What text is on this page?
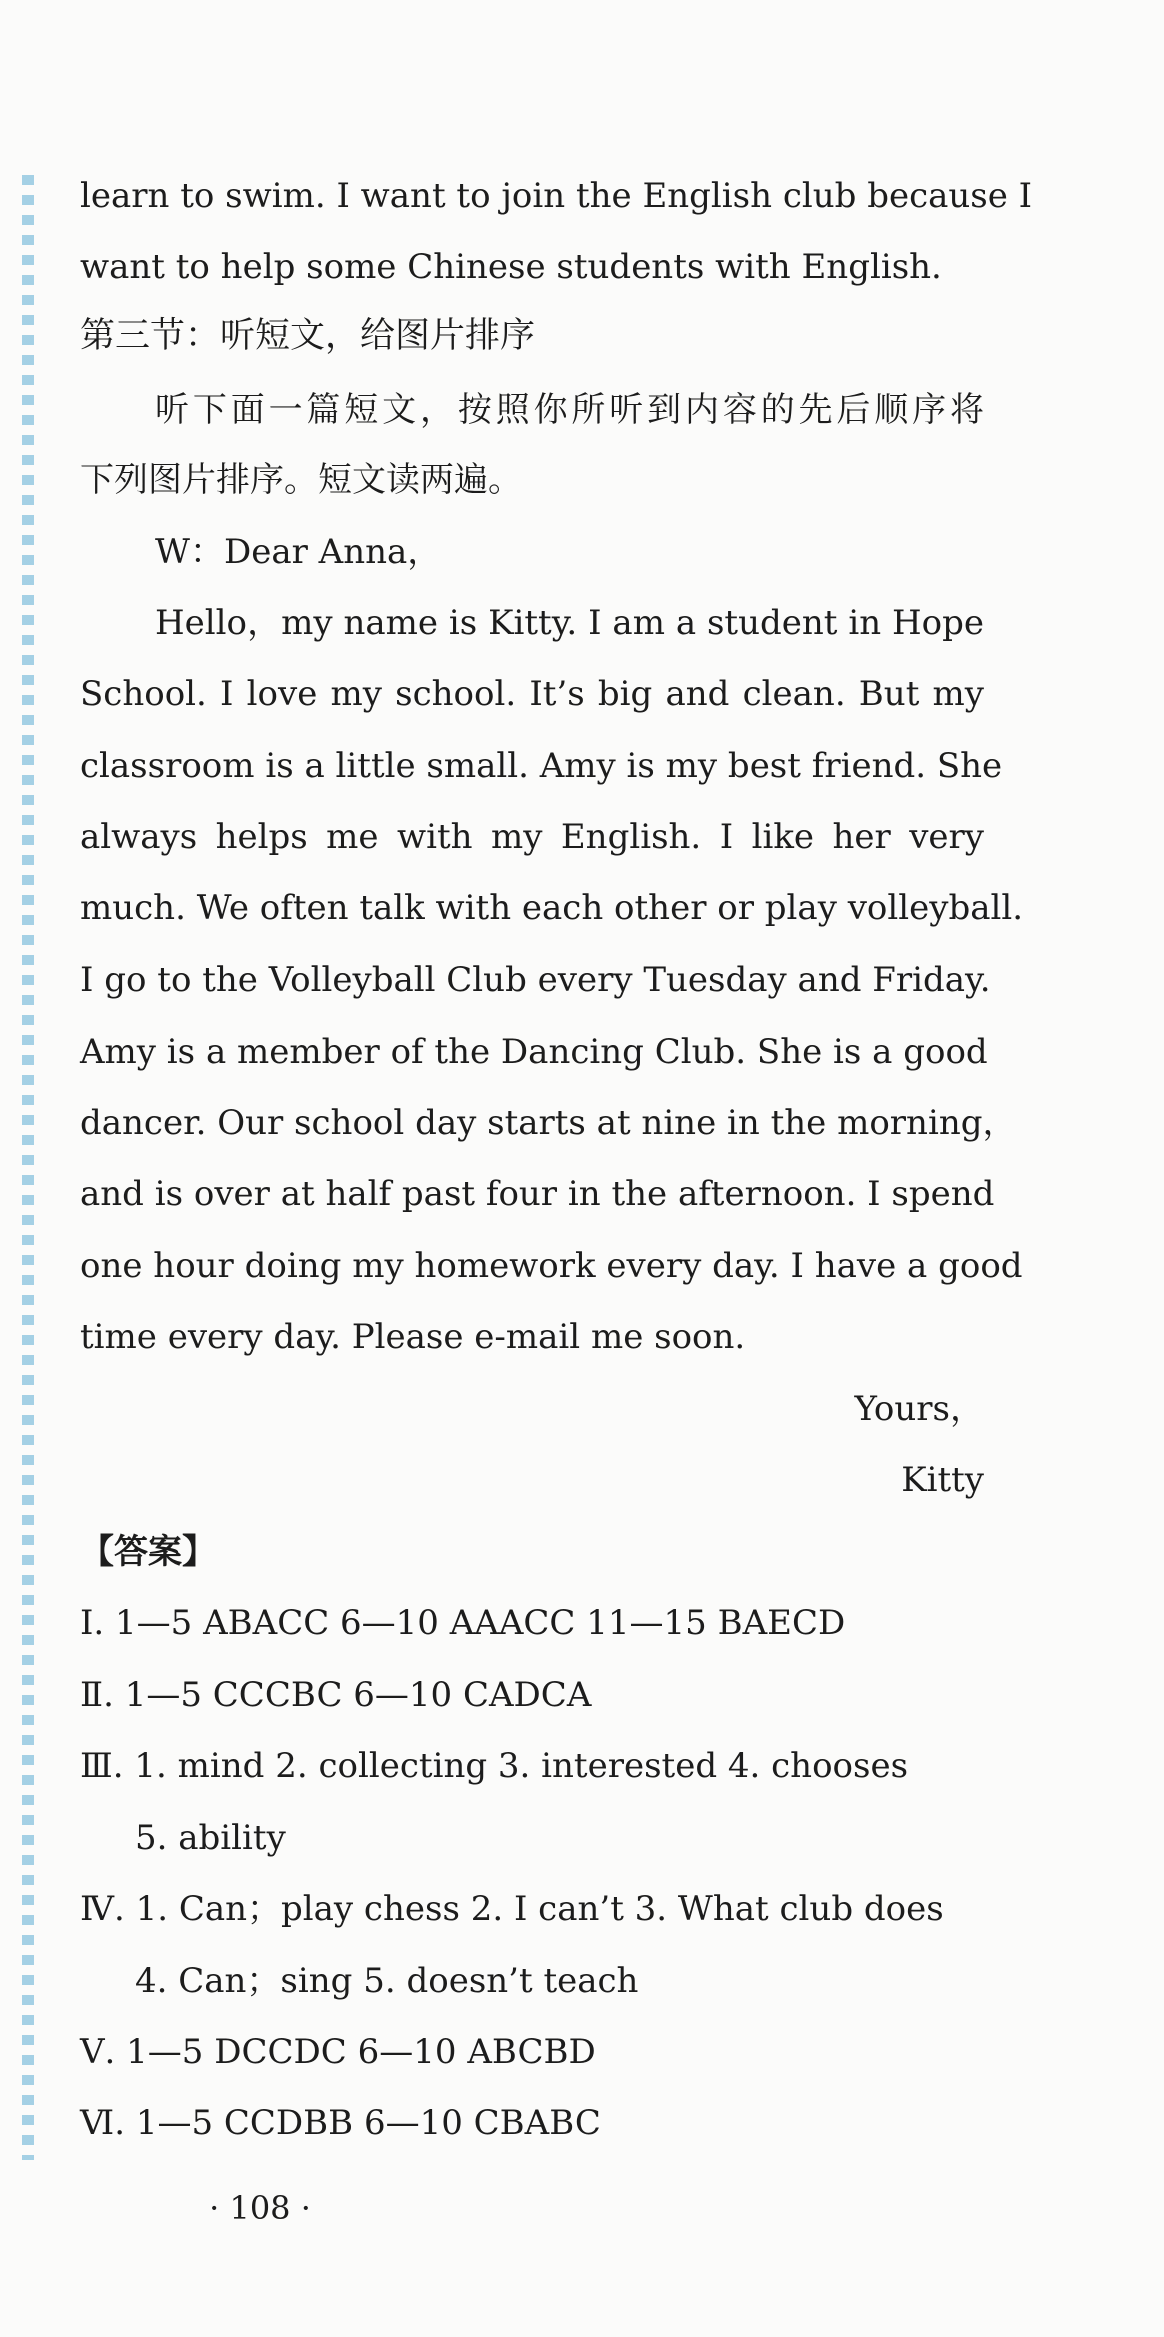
learn to swim. I want to join the English club because I
want to help some Chinese students with English.
第三节：听短文，给图片排序
听下面一篇短文，按照你所听到内容的先后顺序将
下列图片排序。短文读两遍。
W：Dear Anna，
Hello，my name is Kitty. I am a student in Hope
School. I love my school. It’s big and clean. But my
classroom is a little small. Amy is my best friend. She
always helps me with my English. I like her very
much. We often talk with each other or play volleyball.
I go to the Volleyball Club every Tuesday and Friday.
Amy is a member of the Dancing Club. She is a good
dancer. Our school day starts at nine in the morning，
and is over at half past four in the afternoon. I spend
one hour doing my homework every day. I have a good
time every day. Please e-mail me soon.
Yours，
Kitty
【答案】
Ⅰ. 1—5 ABACC 6—10 AAACC 11—15 BAECD
Ⅱ. 1—5 CCCBC 6—10 CADCA
Ⅲ. 1. mind 2. collecting 3. interested 4. chooses
5. ability
Ⅳ. 1. Can；play chess 2. I can’t 3. What club does
4. Can；sing 5. doesn’t teach
Ⅴ. 1—5 DCCDC 6—10 ABCBD
Ⅵ. 1—5 CCDBB 6—10 CBABC
· 108 ·
